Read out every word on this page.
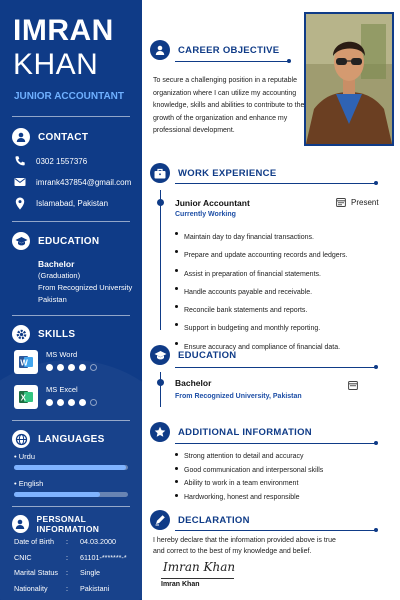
IMRAN
KHAN
JUNIOR ACCOUNTANT
CONTACT
0302 1557376
imrank437854@gmail.com
Islamabad, Pakistan
EDUCATION
Bachelor
(Graduation)
From Recognized University
Pakistan
SKILLS
W
MS Word
X
MS Excel
LANGUAGES
• Urdu
• English
PERSONAL INFORMATION
Date of Birth	:	04.03.2000
CNIC	:	61101-*******-*
Marital Status	:	Single
Nationality	:	Pakistani
CAREER OBJECTIVE
To secure a challenging position in a reputable
organization where I can utilize my accounting
knowledge, skills and abilities to contribute to the
growth of the organization and enhance my
professional development.
WORK EXPERIENCE
Junior Accountant
Currently Working
Present
Maintain day to day financial transactions.
Prepare and update accounting records and ledgers.
Assist in preparation of financial statements.
Handle accounts payable and receivable.
Reconcile bank statements and reports.
Support in budgeting and monthly reporting.
Ensure accuracy and compliance of financial data.
EDUCATION
Bachelor
From Recognized University, Pakistan
ADDITIONAL INFORMATION
Strong attention to detail and accuracy
Good communication and interpersonal skills
Ability to work in a team environment
Hardworking, honest and responsible
DECLARATION
I hereby declare that the information provided above is true
and correct to the best of my knowledge and belief.
Imran Khan
Imran Khan
